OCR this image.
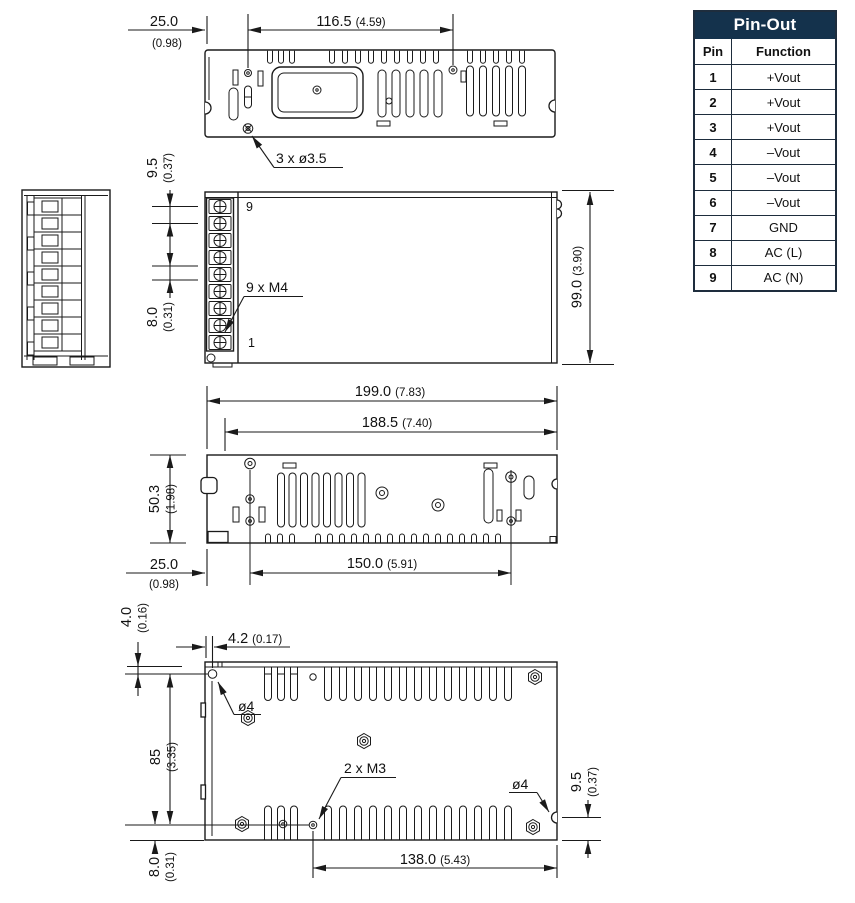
25.0
(0.98)
116.5 (4.59)
3 x ø3.5
9
1
9.5 (0.37)
8.0 (0.31)
9 x M4	99.0(3.90)
199.0 (7.83)
188.5 (7.40)
50.3 (1.98)
25.0
(0.98)
150.0 (5.91)
4.0 (0.16)
4.2 (0.17)
ø4
85 (3.35)
8.0 (0.31)
2 x M3
ø4	9.5 (0.37)
138.0 (5.43)
Pin-Out
Pin	Function
1	+Vout
2	+Vout
3	+Vout
4	–Vout
5	–Vout
6	–Vout
7	GND
8	AC (L)
9	AC (N)
